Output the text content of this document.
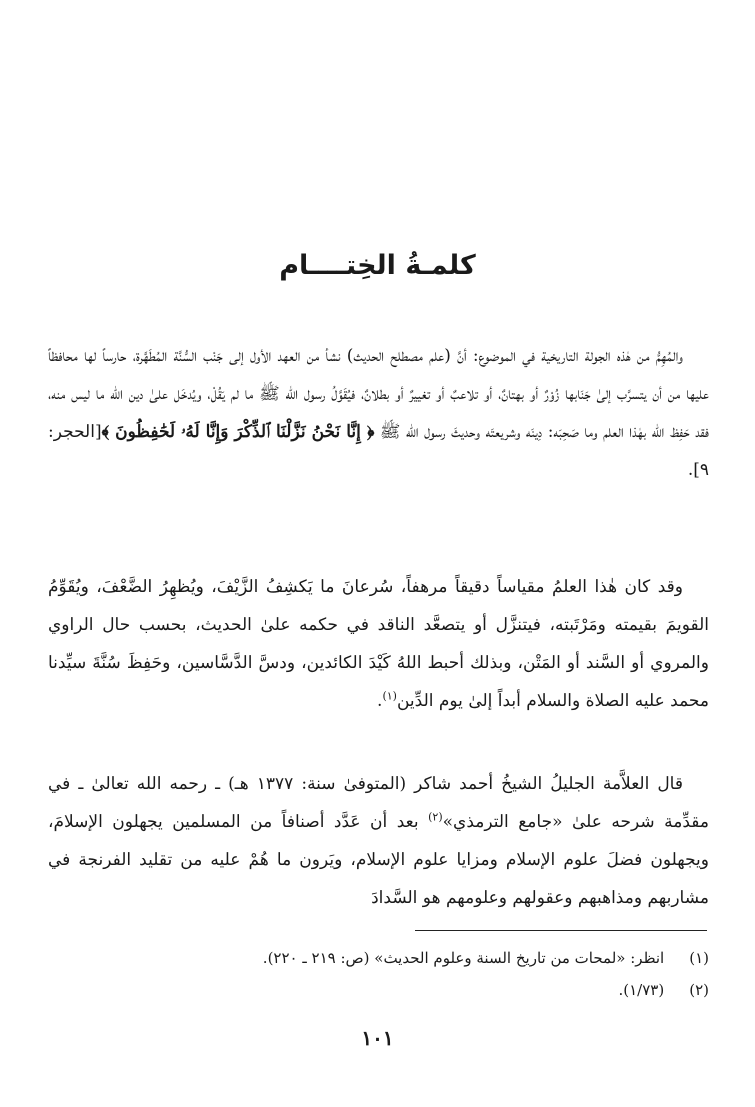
كلمـةُ الخِتــــام

والمُهِمُّ من هٰذه الجولة التاريخية في الموضوع: أنَّ (علم مصطلح الحديث) نشأ من العهد الأول إلى جَنْب السُّنَّة المُطَهَّرة، حارساً لها محافظاً عليها من أن يتسرَّب إلىٰ جَنَابها زُوْرٌ أو بهتانٌ، أو تلاعبٌ أو تغييرٌ أو بطلانٌ، فيُقَوَّلُ رسول الله ﷺ ما لم يَقُلْ، ويُدخَل علىٰ دين الله ما ليس منه، فقد حَفِظ الله بهٰذا العلم وما صَحِبَه: دِينَه وشريعتَه وحديثَ رسول الله ﷺ ﴿ إِنَّا نَحْنُ نَزَّلْنَا ٱلذِّكْرَ وَإِنَّا لَهُۥ لَحَٰفِظُونَ ﴾[الحجر: ٩].

وقد كان هٰذا العلمُ مقياساً دقيقاً مرهفاً، سُرعانَ ما يَكشِفُ الزَّيْفَ، ويُظهِرُ الضَّعْفَ، ويُقَوِّمُ القويمَ بقيمته ومَرْتَبته، فيتنزَّل أو يتصعَّد الناقد في حكمه علىٰ الحديث، بحسب حال الراوي والمروي أو السَّند أو المَتْن، وبذلك أحبط اللهُ كَيْدَ الكائدين، ودسَّ الدَّسَّاسين، وحَفِظَ سُنَّةَ سيِّدنا محمد عليه الصلاة والسلام أبداً إلىٰ يوم الدِّين$^{(١)}$.

قال العلاَّمة الجليلُ الشيخُ أحمد شاكر (المتوفىٰ سنة: ١٣٧٧ هـ) ـ رحمه الله تعالىٰ ـ في مقدِّمة شرحه علىٰ «جامع الترمذي»$^{(٢)}$ بعد أن عَدَّد أصنافاً من المسلمين يجهلون الإسلامَ، ويجهلون فضلَ علوم الإسلام ومزايا علوم الإسلام، ويَرون ما هُمْ عليه من تقليد الفرنجة في مشاربهم ومذاهبهم وعقولهم وعلومهم هو السَّدادَ

(١) انظر: «لمحات من تاريخ السنة وعلوم الحديث» (ص: ٢١٩ ـ ٢٢٠).
(٢) (١/٧٣).
١٠١
